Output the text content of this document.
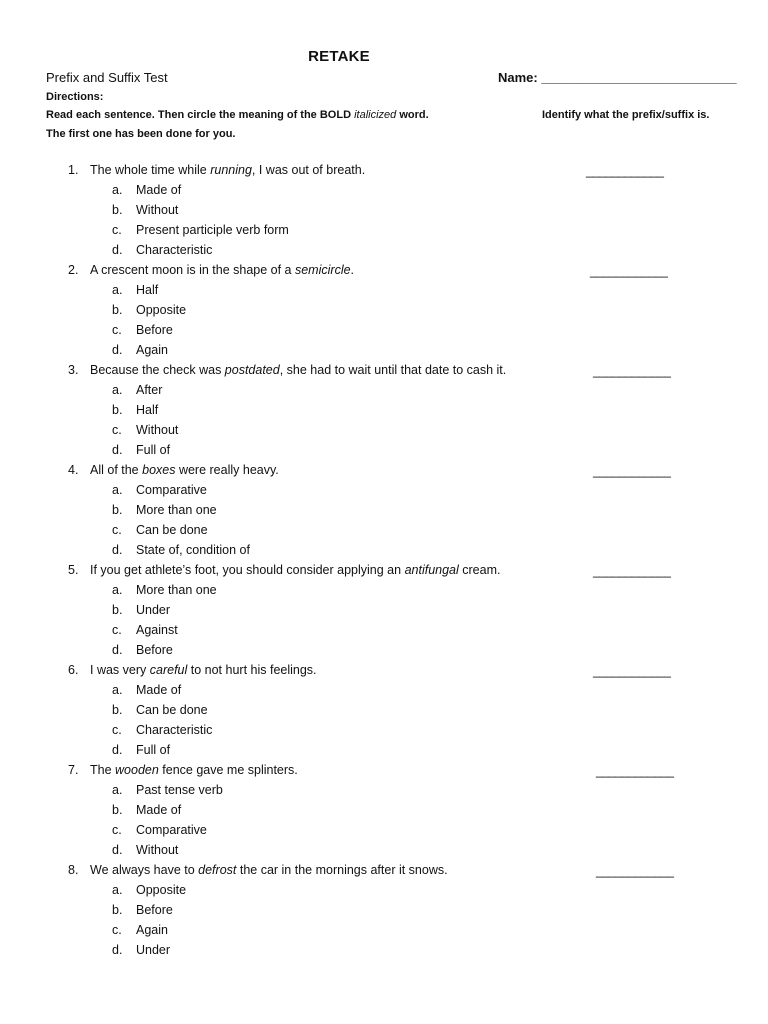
RETAKE
Prefix and Suffix Test	Name: ___________________________
Directions:
Read each sentence. Then circle the meaning of the BOLD italicized word.
The first one has been done for you.
Identify what the prefix/suffix is.
1. The whole time while running, I was out of breath.	____________
a. Made of
b. Without
c. Present participle verb form
d. Characteristic
2. A crescent moon is in the shape of a semicircle.	____________
a. Half
b. Opposite
c. Before
d. Again
3. Because the check was postdated, she had to wait until that date to cash it.	____________
a. After
b. Half
c. Without
d. Full of
4. All of the boxes were really heavy.	____________
a. Comparative
b. More than one
c. Can be done
d. State of, condition of
5. If you get athlete’s foot, you should consider applying an antifungal cream.	____________
a. More than one
b. Under
c. Against
d. Before
6. I was very careful to not hurt his feelings.	____________
a. Made of
b. Can be done
c. Characteristic
d. Full of
7. The wooden fence gave me splinters.	____________
a. Past tense verb
b. Made of
c. Comparative
d. Without
8. We always have to defrost the car in the mornings after it snows.	____________
a. Opposite
b. Before
c. Again
d. Under
